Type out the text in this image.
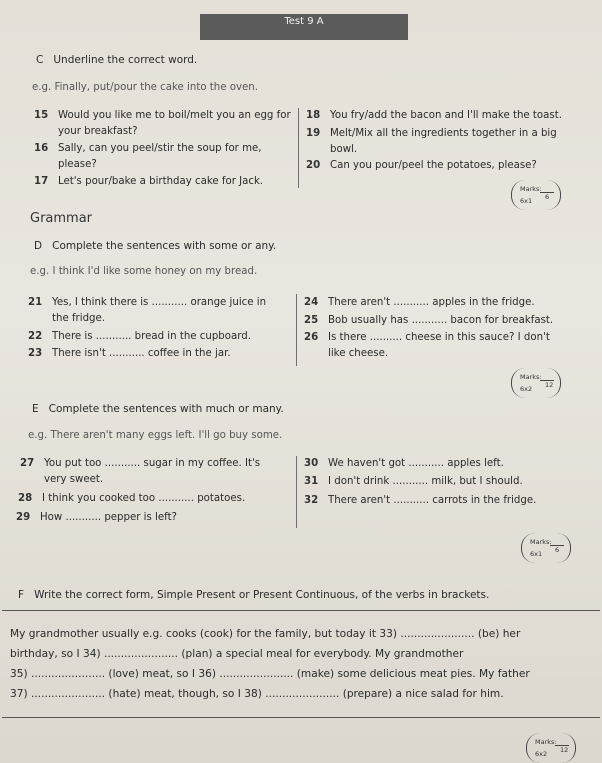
Test 9 A
C Underline the correct word.
e.g. Finally, put/pour the cake into the oven.
15 Would you like me to boil/melt you an egg for
your breakfast?
16 Sally, can you peel/stir the soup for me,
please?
17 Let's pour/bake a birthday cake for Jack.
18 You fry/add the bacon and I'll make the toast.
19 Melt/Mix all the ingredients together in a big
bowl.
20 Can you pour/peel the potatoes, please?
Marks:
6x1 6
Grammar
D Complete the sentences with some or any.
e.g. I think I'd like some honey on my bread.
21 Yes, I think there is ........... orange juice in
the fridge.
22 There is ........... bread in the cupboard.
23 There isn't ........... coffee in the jar.
24 There aren't ........... apples in the fridge.
25 Bob usually has ........... bacon for breakfast.
26 Is there .......... cheese in this sauce? I don't
like cheese.
Marks:
6x2 12
E Complete the sentences with much or many.
e.g. There aren't many eggs left. I'll go buy some.
27 You put too ........... sugar in my coffee. It's
very sweet.
28 I think you cooked too ........... potatoes.
29 How ........... pepper is left?
30 We haven't got ........... apples left.
31 I don't drink ........... milk, but I should.
32 There aren't ........... carrots in the fridge.
Marks:
6x1 6
F Write the correct form, Simple Present or Present Continuous, of the verbs in brackets.
My grandmother usually e.g. cooks (cook) for the family, but today it 33) ...................... (be) her
birthday, so I 34) ...................... (plan) a special meal for everybody. My grandmother
35) ...................... (love) meat, so I 36) ...................... (make) some delicious meat pies. My father
37) ...................... (hate) meat, though, so I 38) ...................... (prepare) a nice salad for him.
Marks:
6x2 12
